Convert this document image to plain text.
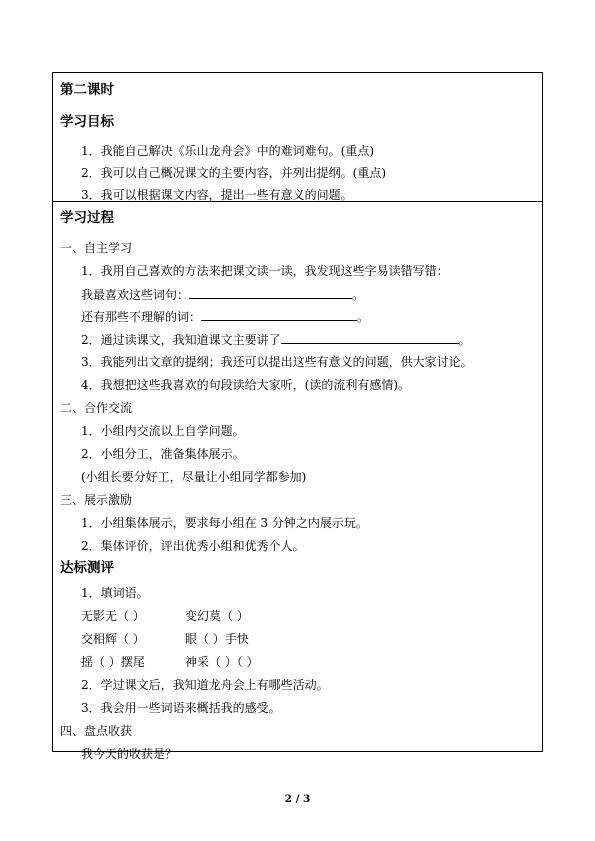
第二课时
学习目标
1．我能自己解决《乐山龙舟会》中的难词难句。(重点)
2．我可以自己概况课文的主要内容，并列出提纲。(重点)
3．我可以根据课文内容，提出一些有意义的问题。
学习过程
一、自主学习
1．我用自己喜欢的方法来把课文读一读，我发现这些字易读错写错：
我最喜欢这些词句：	。
还有那些不理解的词：	。
2．通过读课文，我知道课文主要讲了	。
3．我能列出文章的提纲；我还可以提出这些有意义的问题，供大家讨论。
4．我想把这些我喜欢的句段读给大家听，(读的流利有感情)。
二、合作交流
1．小组内交流以上自学问题。
2．小组分工，准备集体展示。
(小组长要分好工，尽量让小组同学都参加)
三、展示激励
1．小组集体展示，要求每小组在 3 分钟之内展示玩。
2．集体评价，评出优秀小组和优秀个人。
达标测评
1．填词语。
无影无（ ）	变幻莫（ ）
交相辉（ ）	眼（ ）手快
摇（ ）摆尾	神采（ ）（ ）
2．学过课文后，我知道龙舟会上有哪些活动。
3．我会用一些词语来概括我的感受。
四、盘点收获
我今天的收获是？
2 / 3
